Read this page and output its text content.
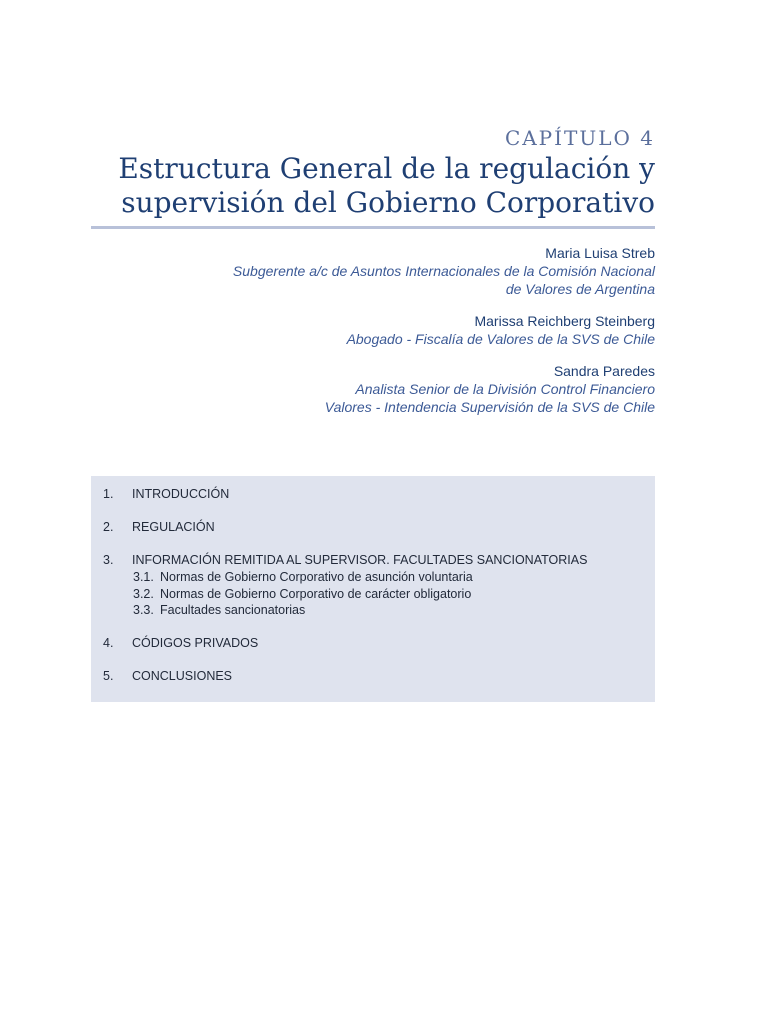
CAPÍTULO 4
Estructura General de la regulación y
supervisión del Gobierno Corporativo
Maria Luisa Streb
Subgerente a/c de Asuntos Internacionales de la Comisión Nacional
de Valores de Argentina
Marissa Reichberg Steinberg
Abogado - Fiscalía de Valores de la SVS de Chile
Sandra Paredes
Analista Senior de la División Control Financiero
Valores - Intendencia Supervisión de la SVS de Chile
1.	INTRODUCCIÓN
2.	REGULACIÓN
3.	INFORMACIÓN REMITIDA AL SUPERVISOR. FACULTADES SANCIONATORIAS
3.1. Normas de Gobierno Corporativo de asunción voluntaria
3.2. Normas de Gobierno Corporativo de carácter obligatorio
3.3. Facultades sancionatorias
4.	CÓDIGOS PRIVADOS
5.	CONCLUSIONES
